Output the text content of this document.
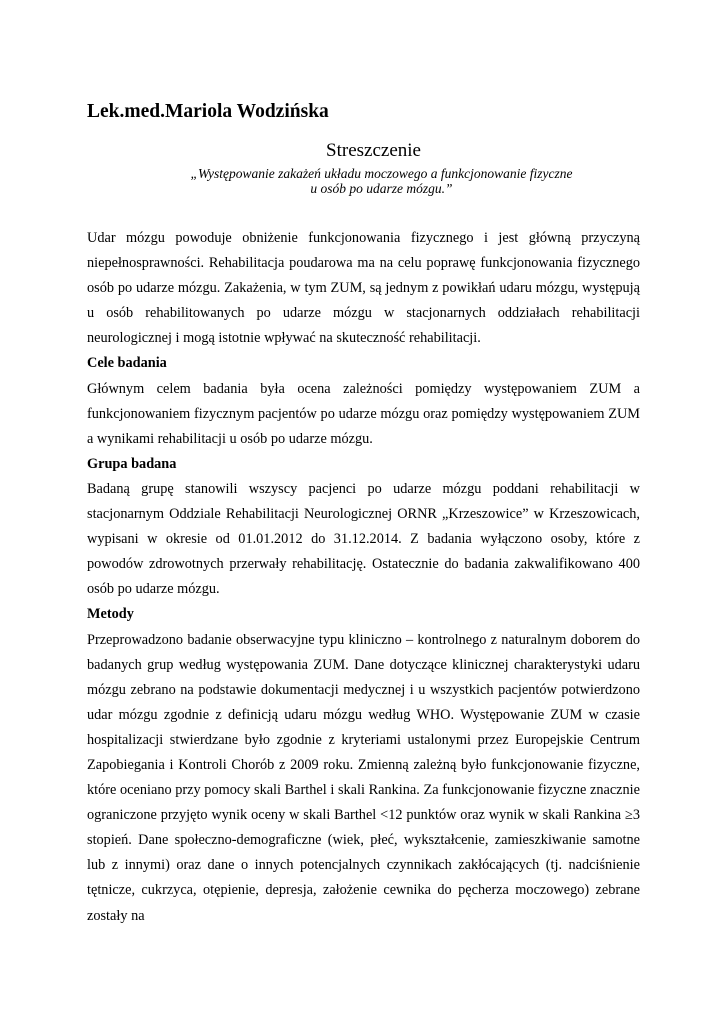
Lek.med.Mariola Wodzińska
Streszczenie
„Występowanie zakażeń układu moczowego a funkcjonowanie fizyczne
u osób po udarze mózgu.”

Udar mózgu powoduje obniżenie funkcjonowania fizycznego i jest główną przyczyną niepełnosprawności. Rehabilitacja poudarowa ma na celu poprawę funkcjonowania fizycznego osób po udarze mózgu. Zakażenia, w tym ZUM, są jednym z powikłań udaru mózgu, występują u osób rehabilitowanych po udarze mózgu w stacjonarnych oddziałach rehabilitacji neurologicznej i mogą istotnie wpływać na skuteczność rehabilitacji.

Cele badania

Głównym celem badania była ocena zależności pomiędzy występowaniem ZUM a funkcjonowaniem fizycznym pacjentów po udarze mózgu oraz pomiędzy występowaniem ZUM a wynikami rehabilitacji u osób po udarze mózgu.

Grupa badana

Badaną grupę stanowili wszyscy pacjenci po udarze mózgu poddani rehabilitacji w stacjonarnym Oddziale Rehabilitacji Neurologicznej ORNR „Krzeszowice” w Krzeszowicach, wypisani w okresie od 01.01.2012 do 31.12.2014. Z badania wyłączono osoby, które z powodów zdrowotnych przerwały rehabilitację. Ostatecznie do badania zakwalifikowano 400 osób po udarze mózgu.

Metody

Przeprowadzono badanie obserwacyjne typu kliniczno – kontrolnego z naturalnym doborem do badanych grup według występowania ZUM. Dane dotyczące klinicznej charakterystyki udaru mózgu zebrano na podstawie dokumentacji medycznej i u wszystkich pacjentów potwierdzono udar mózgu zgodnie z definicją udaru mózgu według WHO. Występowanie ZUM w czasie hospitalizacji stwierdzane było zgodnie z kryteriami ustalonymi przez Europejskie Centrum Zapobiegania i Kontroli Chorób z 2009 roku. Zmienną zależną było funkcjonowanie fizyczne, które oceniano przy pomocy skali Barthel i skali Rankina. Za funkcjonowanie fizyczne znacznie ograniczone przyjęto wynik oceny w skali Barthel <12 punktów oraz wynik w skali Rankina ≥3 stopień. Dane społeczno-demograficzne (wiek, płeć, wykształcenie, zamieszkiwanie samotne lub z innymi) oraz dane o innych potencjalnych czynnikach zakłócających (tj. nadciśnienie tętnicze, cukrzyca, otępienie, depresja, założenie cewnika do pęcherza moczowego) zebrane zostały na
